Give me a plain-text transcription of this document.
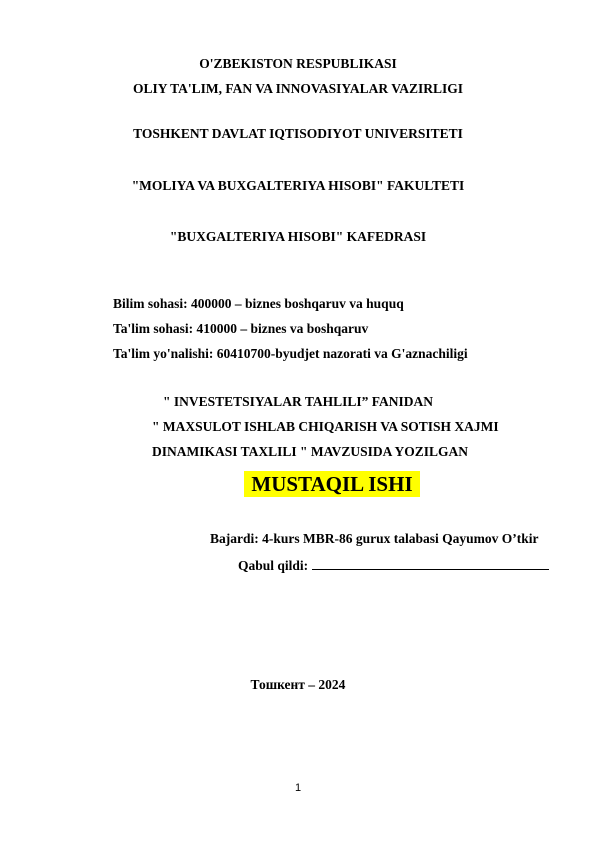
O'ZBEKISTON RESPUBLIKASI
OLIY TA'LIM, FAN VA INNOVASIYALAR VAZIRLIGI
TOSHKENT DAVLAT IQTISODIYOT UNIVERSITETI
"MOLIYA VA BUXGALTERIYA HISOBI" FAKULTETI
"BUXGALTERIYA HISOBI" KAFEDRASI
Bilim sohasi: 400000 – biznes boshqaruv va huquq
Ta'lim sohasi: 410000 – biznes va boshqaruv
Ta'lim yo'nalishi: 60410700-byudjet nazorati va G'aznachiligi
" INVESTETSIYALAR TAHLILI” FANIDAN
" MAXSULOT ISHLAB CHIQARISH VA SOTISH XAJMI
DINAMIKASI TAXLILI " MAVZUSIDA YOZILGAN
MUSTAQIL ISHI
Bajardi: 4-kurs MBR-86 gurux talabasi Qayumov O’tkir
Qabul qildi:
Тошкент – 2024
1
